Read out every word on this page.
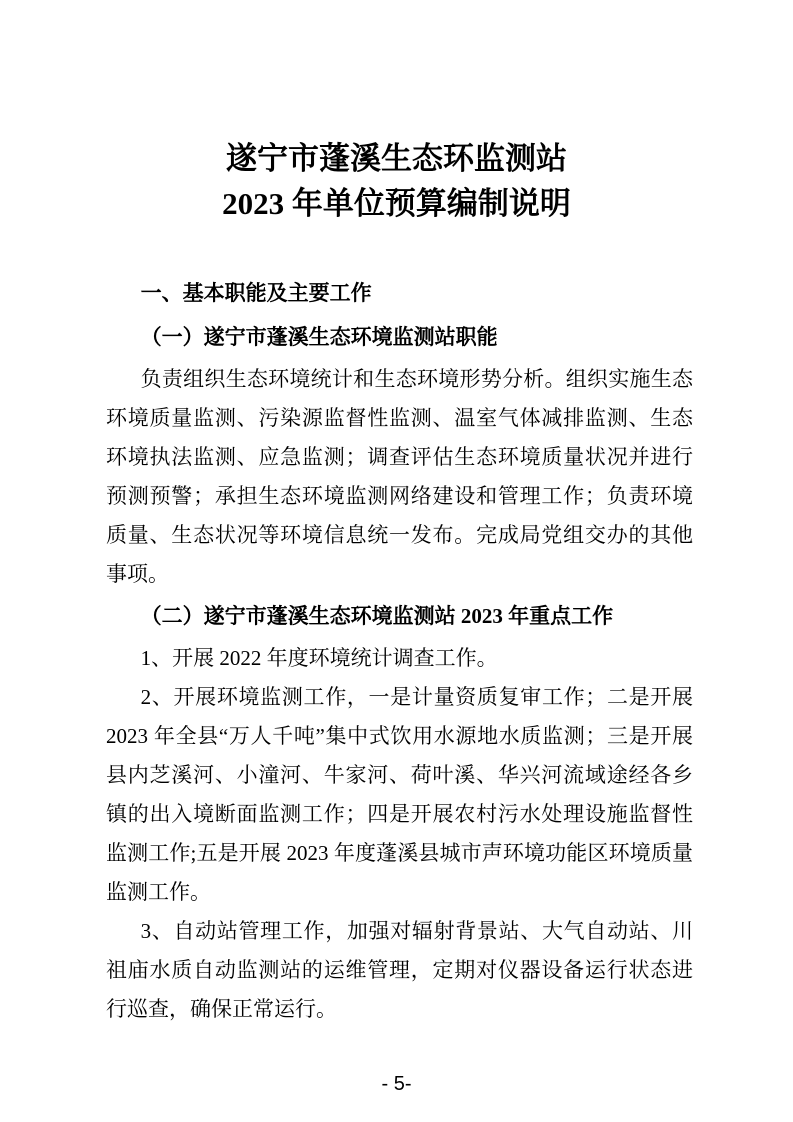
遂宁市蓬溪生态环监测站
2023 年单位预算编制说明
一、基本职能及主要工作
（一）遂宁市蓬溪生态环境监测站职能

负责组织生态环境统计和生态环境形势分析。组织实施生态环境质量监测、污染源监督性监测、温室气体减排监测、生态环境执法监测、应急监测；调查评估生态环境质量状况并进行预测预警；承担生态环境监测网络建设和管理工作；负责环境质量、生态状况等环境信息统一发布。完成局党组交办的其他事项。

（二）遂宁市蓬溪生态环境监测站 2023 年重点工作

1、开展 2022 年度环境统计调查工作。

2、开展环境监测工作，一是计量资质复审工作；二是开展 2023 年全县“万人千吨”集中式饮用水源地水质监测；三是开展县内芝溪河、小潼河、牛家河、荷叶溪、华兴河流域途经各乡镇的出入境断面监测工作；四是开展农村污水处理设施监督性监测工作;五是开展 2023 年度蓬溪县城市声环境功能区环境质量监测工作。

3、自动站管理工作，加强对辐射背景站、大气自动站、川祖庙水质自动监测站的运维管理，定期对仪器设备运行状态进行巡查，确保正常运行。

- 5-
